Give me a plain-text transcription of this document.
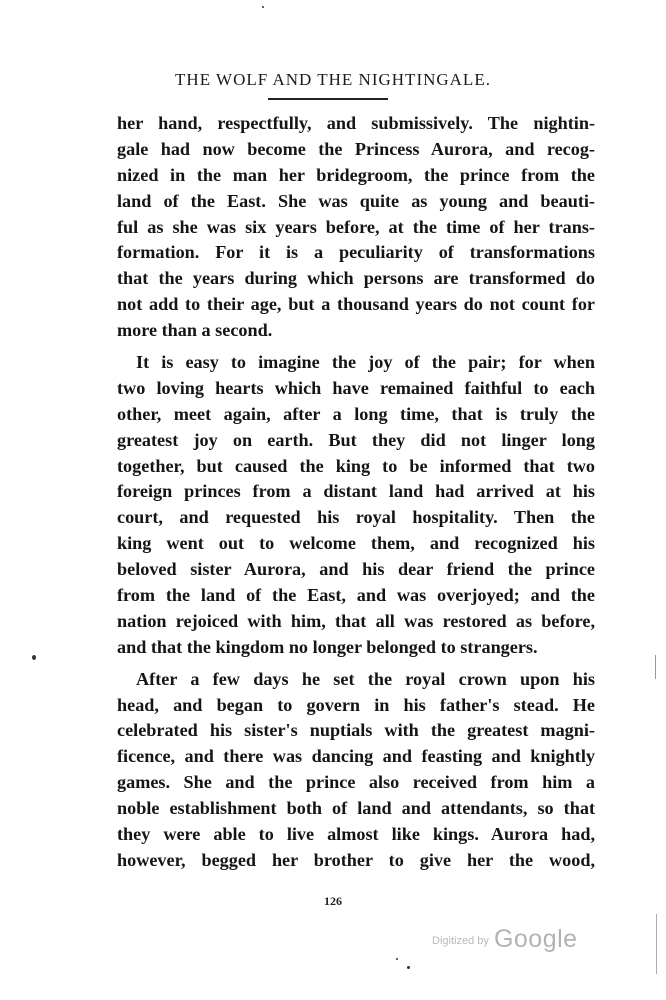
THE WOLF AND THE NIGHTINGALE.
her hand, respectfully, and submissively. The nightin-
gale had now become the Princess Aurora, and recog-
nized in the man her bridegroom, the prince from the
land of the East. She was quite as young and beauti-
ful as she was six years before, at the time of her trans-
formation. For it is a peculiarity of transformations
that the years during which persons are transformed do
not add to their age, but a thousand years do not count for
more than a second.
It is easy to imagine the joy of the pair; for when
two loving hearts which have remained faithful to each
other, meet again, after a long time, that is truly the
greatest joy on earth. But they did not linger long
together, but caused the king to be informed that two
foreign princes from a distant land had arrived at his
court, and requested his royal hospitality. Then the
king went out to welcome them, and recognized his
beloved sister Aurora, and his dear friend the prince
from the land of the East, and was overjoyed; and the
nation rejoiced with him, that all was restored as before,
and that the kingdom no longer belonged to strangers.
After a few days he set the royal crown upon his
head, and began to govern in his father's stead. He
celebrated his sister's nuptials with the greatest magni-
ficence, and there was dancing and feasting and knightly
games. She and the prince also received from him a
noble establishment both of land and attendants, so that
they were able to live almost like kings. Aurora had,
however, begged her brother to give her the wood,
126
Digitized by Google
